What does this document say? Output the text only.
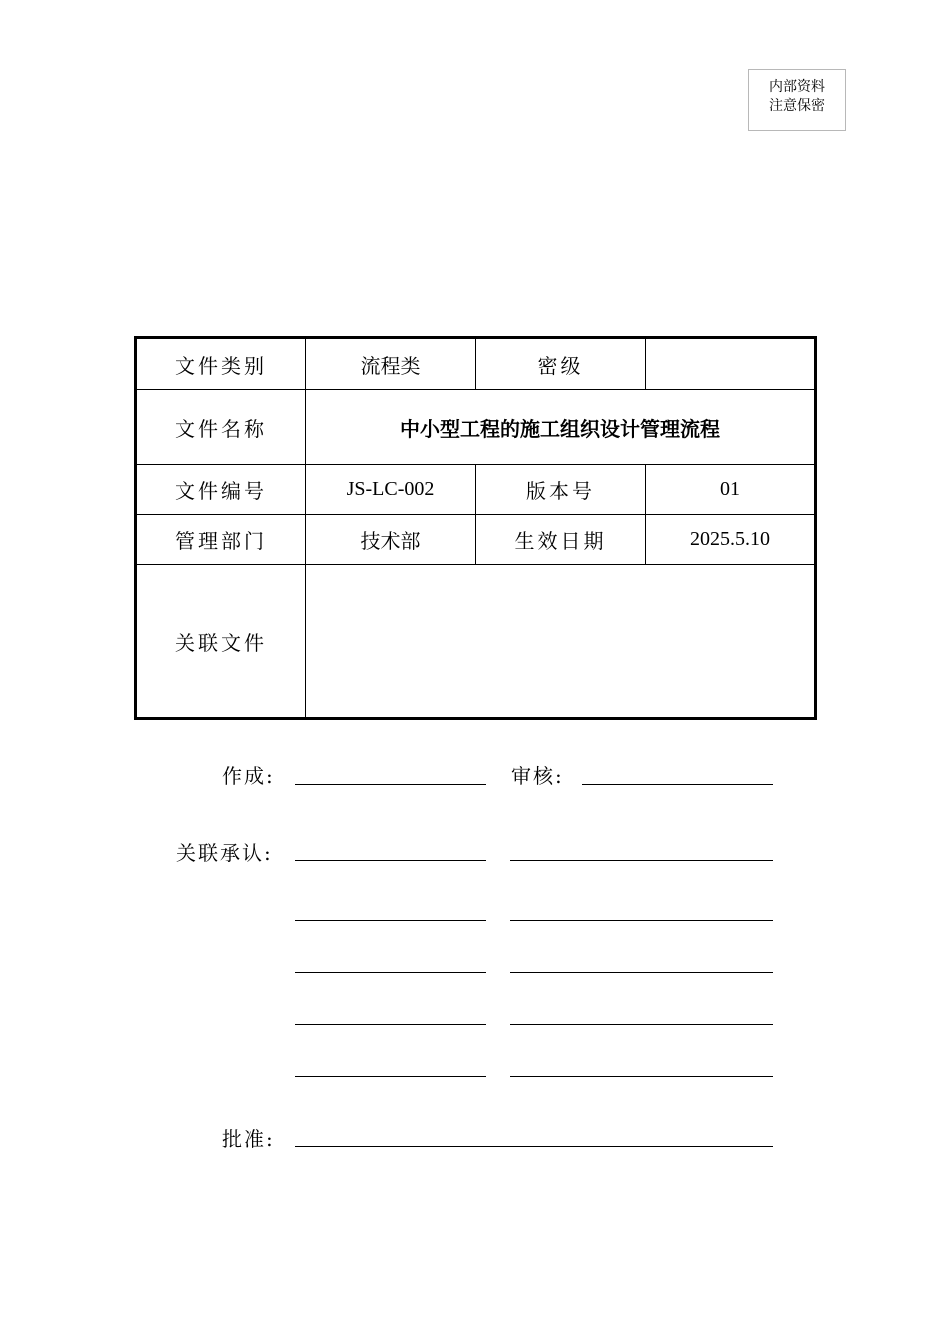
内部资料
注意保密
文件类别	流程类	密级	
文件名称	中小型工程的施工组织设计管理流程		
文件编号	JS-LC-002	版本号	01
管理部门	技术部	生效日期	2025.5.10
关联文件			
作成:	审核:
关联承认:
批准:
